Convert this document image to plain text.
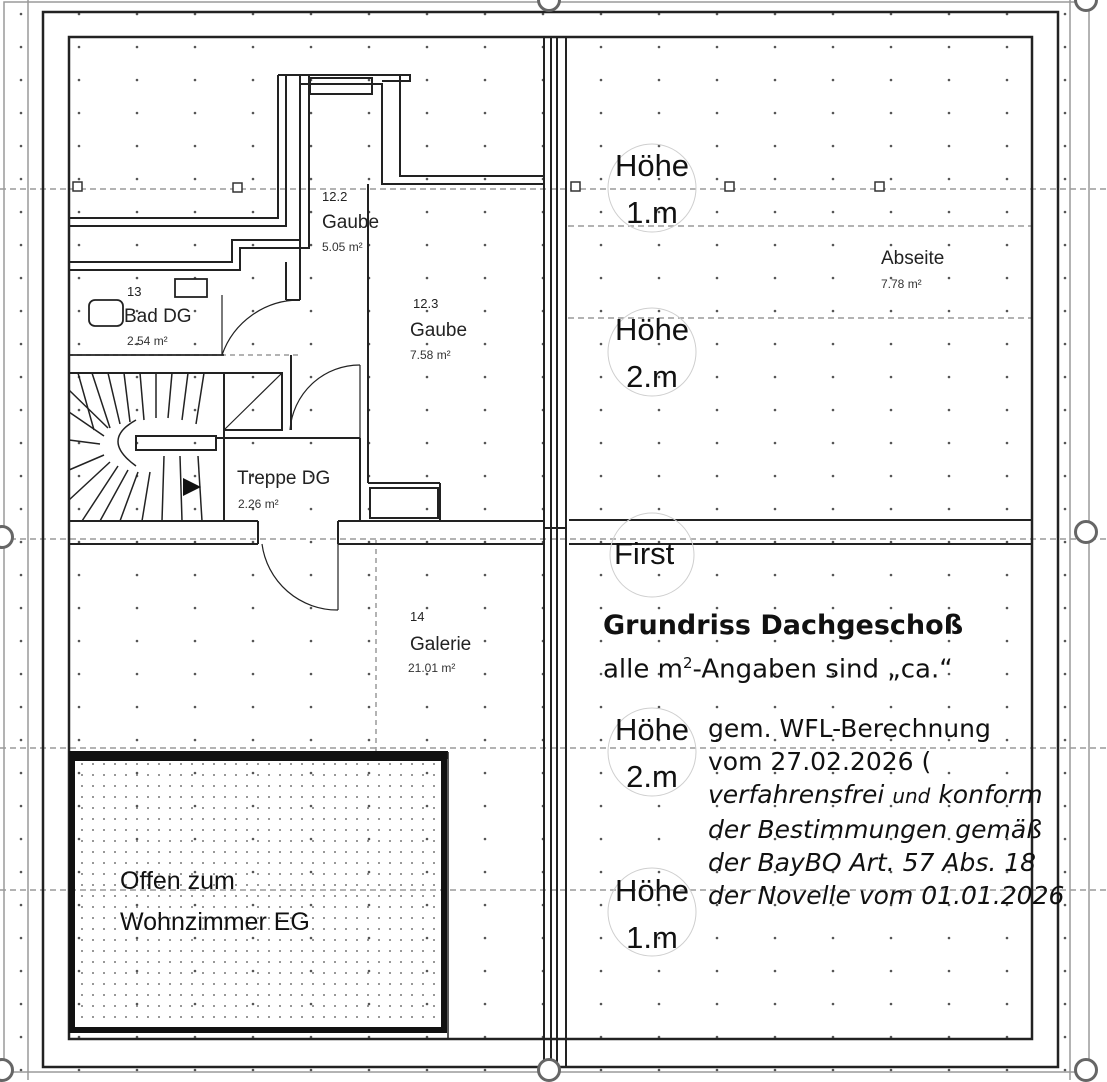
12.2
Gaube
5.05 m²
12.3
Gaube
7.58 m²
13
Bad DG
2.54 m²
Treppe DG
2.26 m²
14
Galerie
21.01 m²
Abseite
7.78 m²
Offen zum
Wohnzimmer EG
Höhe
1.m
Höhe
2.m
First
Höhe
2.m
Höhe
1.m
Grundriss Dachgeschoß
alle $m^2$-Angaben sind „ca.“
gem. WFL-Berechnung
vom 27.02.2026 (
verfahrensfrei und konform
der Bestimmungen gemäß
der BayBO Art. 57 Abs. 18
der Novelle vom 01.01.2026
